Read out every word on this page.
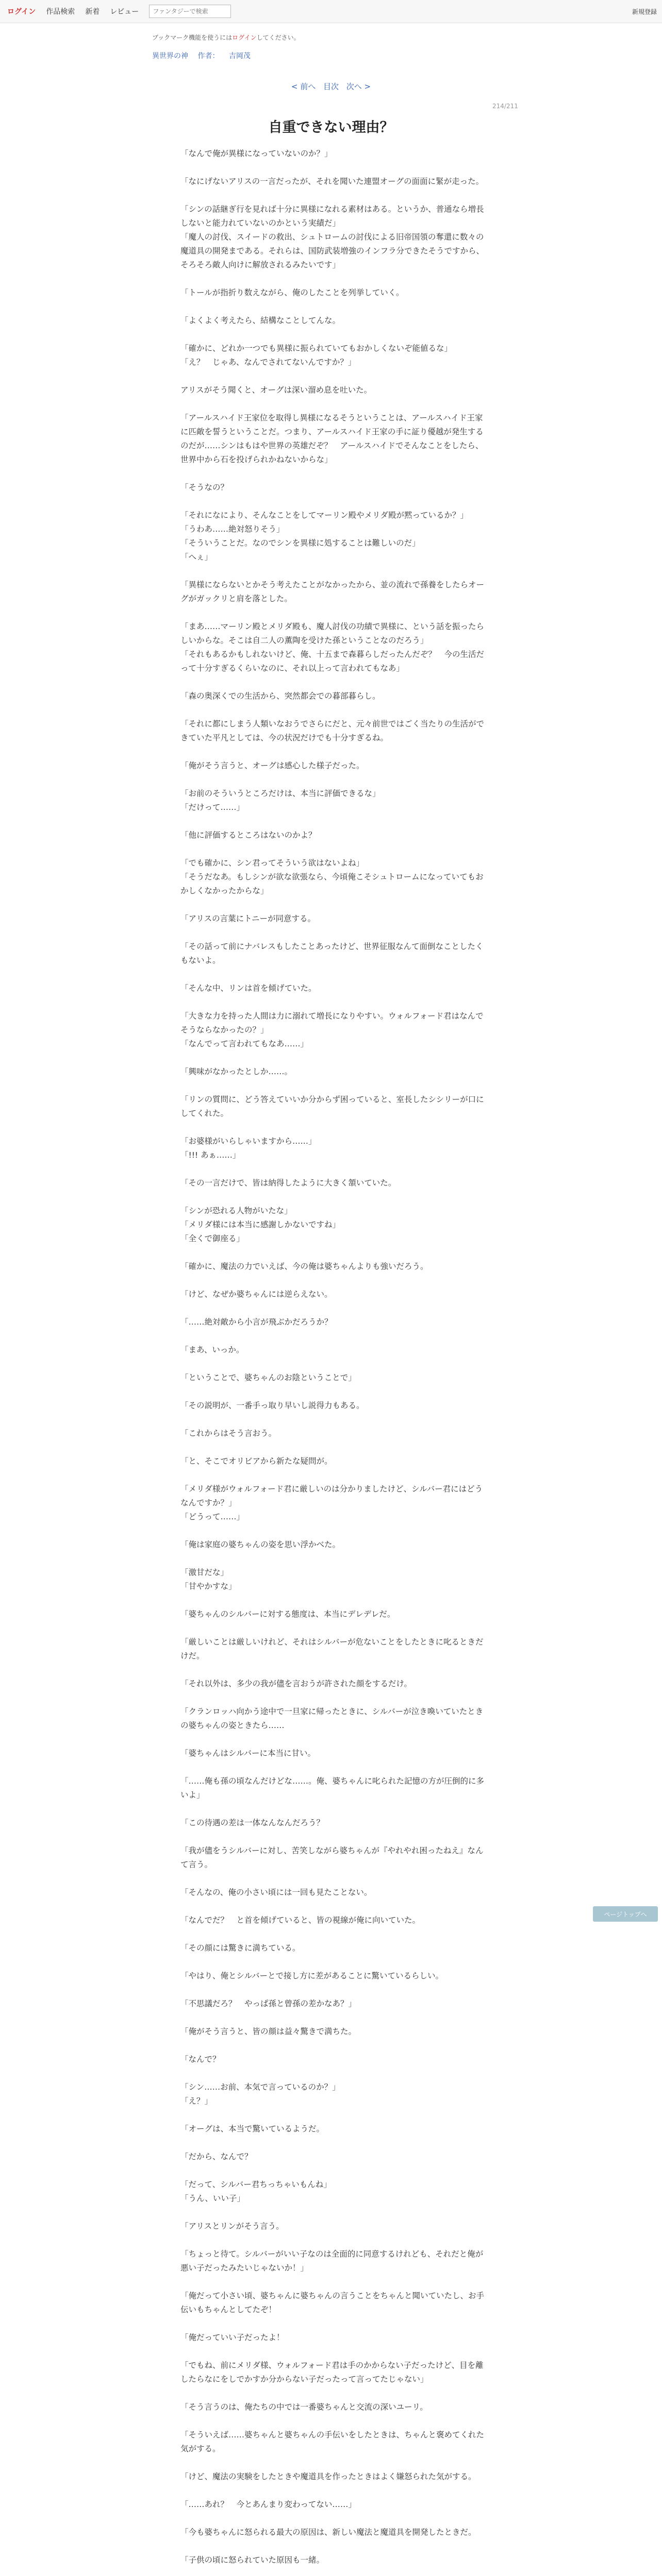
ログイン 作品検索 新着 レビュー
ファンタジーで検索	新規登録
ブックマーク機能を使うにはログインしてください。
異世界の神 作者： 吉岡茂
< 前へ 目次 次へ >
214/211
自重できない理由？

「なんで俺が異様になっていないのか？」

「なにげないアリスの一言だったが、それを聞いた連盟オーグの面面に緊が走った。

「シンの話継ぎ行を見れば十分に異様になれる素材はある。というか、普通なら増長しないと能力れていないのかという実績だ」

「魔人の討伐、スイードの救出、シュトロームの討伐による旧帝国領の奪還に数々の魔道具の開発まである。それらは、国防武装増強のインフラ分できたそうですから、そろそろ敵人向けに解放されるみたいです」

「トールが指折り数えながら、俺のしたことを列挙していく。

「よくよく考えたら、結構なことしてんな。

「確かに、どれか一つでも異様に振られていてもおかしくないぞ能値るな」

「え？　じゃあ、なんでされてないんですか？」

アリスがそう聞くと、オーグは深い溜め息を吐いた。

「アールスハイド王家位を取得し異様になるそうということは、アールスハイド王家に匹敵を誓うということだ。つまり、アールスハイド王家の手に証り優越が発生するのだが……シンはもはや世界の英雄だぞ？　アールスハイドでそんなことをしたら、世界中から石を投げられかねないからな」

「そうなの？

「それになにより、そんなことをしてマーリン殿やメリダ殿が黙っているか？」

「うわあ……絶対怒りそう」

「そういうことだ。なのでシンを異様に処することは難しいのだ」

「へぇ」

「異様にならないとかそう考えたことがなかったから、並の流れで孫養をしたらオーグがガックリと肩を落とした。

「まあ……マーリン殿とメリダ殿も、魔人討伐の功績で異様に、という話を振ったらしいからな。そこは自二人の薫陶を受けた孫ということなのだろう」

「それもあるかもしれないけど、俺、十五まで森暮らしだったんだぞ？　今の生活だって十分すぎるくらいなのに、それ以上って言われてもなあ」

「森の奥深くでの生活から、突然都会での暮部暮らし。

「それに都にしまう人類いなおうでさらにだと、元々前世ではごく当たりの生活ができていた平凡としては、今の状況だけでも十分すぎるね。

「俺がそう言うと、オーグは感心した様子だった。

「お前のそういうところだけは、本当に評価できるな」

「だけって……」

「他に評価するところはないのかよ？

「でも確かに、シン君ってそういう欲はないよね」

「そうだなあ。もしシンが欲な欲張なら、今頃俺こそシュトロームになっていてもおかしくなかったからな」

「アリスの言葉にトニーが同意する。

「その話って前にナバレスもしたことあったけど、世界征服なんて面倒なことしたくもないよ。

「そんな中、リンは首を傾げていた。

「大きな力を持った人間は力に溺れて増長になりやすい。ウォルフォード君はなんでそうならなかったの？」

「なんでって言われてもなあ……」

「興味がなかったとしか……。

「リンの質問に、どう答えていいか分からず困っていると、室長したシシリーが口にしてくれた。

「お婆様がいらしゃいますから……」

「!!! あぁ……」

「その一言だけで、皆は納得したように大きく頷いていた。

「シンが恐れる人物がいたな」

「メリダ様には本当に感謝しかないですね」

「全くで御座る」

「確かに、魔法の力でいえば、今の俺は婆ちゃんよりも強いだろう。

「けど、なぜか婆ちゃんには逆らえない。

「……絶対敵から小言が飛ぶかだろうか？

「まあ、いっか。

「ということで、婆ちゃんのお陰ということで」

「その説明が、一番手っ取り早いし説得力もある。

「これからはそう言おう。

「と、そこでオリビアから新たな疑問が。

「メリダ様がウォルフォード君に厳しいのは分かりましたけど、シルバー君にはどうなんですか？」

「どうって……」

「俺は家庭の婆ちゃんの姿を思い浮かべた。

「激甘だな」

「甘やかすな」

「婆ちゃんのシルバーに対する態度は、本当にデレデレだ。

「厳しいことは厳しいけれど、それはシルバーが危ないことをしたときに叱るときだけだ。

「それ以外は、多少の我が儘を言おうが許された顔をするだけ。

「クランロッハ向かう途中で一旦家に帰ったときに、シルバーが泣き喚いていたときの婆ちゃんの姿ときたら……

「婆ちゃんはシルバーに本当に甘い。

「……俺も孫の頃なんだけどな……。俺、婆ちゃんに叱られた記憶の方が圧倒的に多いよ」

「この待遇の差は一体なんなんだろう？

「我が儘をうシルバーに対し、苦笑しながら婆ちゃんが『やれやれ困ったねえ』なんて言う。

「そんなの、俺の小さい頃には一回も見たことない。

「なんでだ？　と首を傾げていると、皆の視線が俺に向いていた。

「その顔には驚きに満ちている。

「やはり、俺とシルバーとで接し方に差があることに驚いているらしい。

「不思議だろ？　やっぱ孫と曾孫の差かなあ？」

「俺がそう言うと、皆の顔は益々驚きで満ちた。

「なんで？

「シン……お前、本気で言っているのか？」

「え？」

「オーグは、本当で驚いているようだ。

「だから、なんで？

「だって、シルバー君ちっちゃいもんね」

「うん、いい子」

「アリスとリンがそう言う。

「ちょっと待て。シルバーがいい子なのは全面的に同意するけれども、それだと俺が悪い子だったみたいじゃないか！」

「俺だって小さい頃、婆ちゃんに婆ちゃんの言うことをちゃんと聞いていたし、お手伝いもちゃんとしてたぞ！

「俺だっていい子だったよ！

「でもね、前にメリダ様、ウォルフォード君は手のかからない子だったけど、目を離したらなにをしでかすか分からない子だったって言ってたじゃない」

「そう言うのは、俺たちの中では一番婆ちゃんと交流の深いユーリ。

「そういえば……婆ちゃんと婆ちゃんの手伝いをしたときは、ちゃんと褒めてくれた気がする。

「けど、魔法の実験をしたときや魔道具を作ったときはよく嫌怒られた気がする。

「……あれ？　今とあんまり変わってない……」

「今も婆ちゃんに怒られる最大の原因は、新しい魔法と魔道具を開発したときだ。

「子供の頃に怒られていた原因も一緒。

ページトップへ
